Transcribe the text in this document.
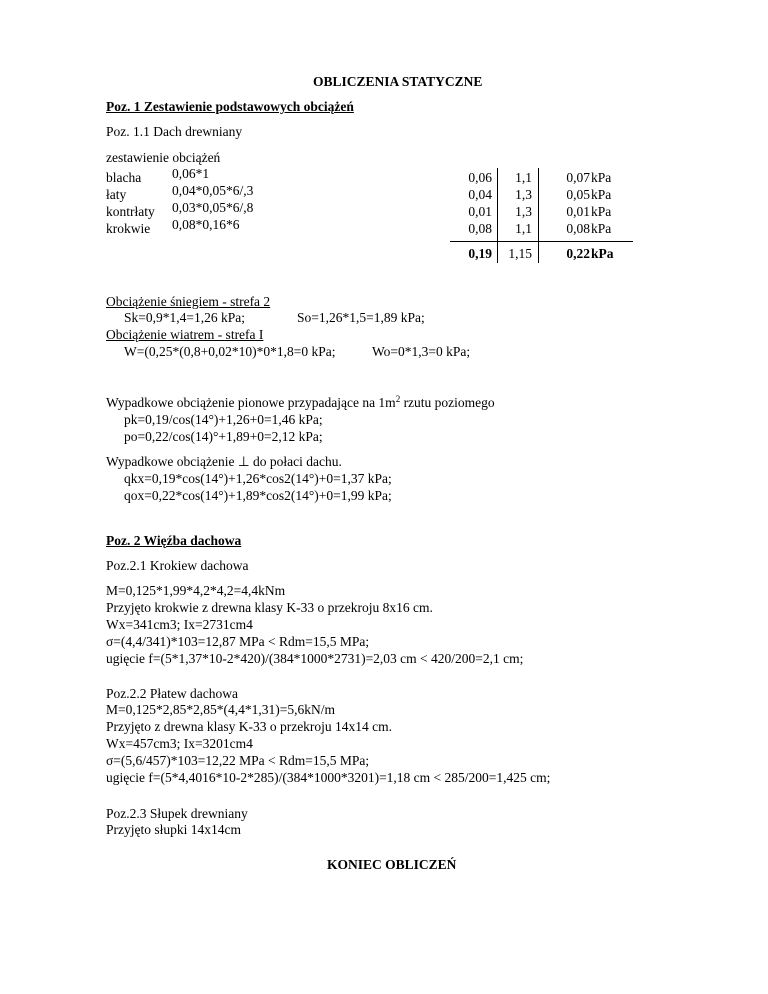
OBLICZENIA STATYCZNE
Poz. 1 Zestawienie podstawowych obciążeń
Poz. 1.1 Dach drewniany
zestawienie obciążeń
blacha
łaty
kontrłaty
krokwie
0,06*1
0,04*0,05*6/,3
0,03*0,05*6/,8
0,08*0,16*6
0,06
0,04
0,01
0,08
0,19
1,1
1,3
1,3
1,1
1,15
0,07
0,05
0,01
0,08
0,22
kPa
kPa
kPa
kPa
kPa
Obciążenie śniegiem - strefa 2
Sk=0,9*1,4=1,26 kPa;	So=1,26*1,5=1,89 kPa;
Obciążenie wiatrem - strefa I
W=(0,25*(0,8+0,02*10)*0*1,8=0 kPa;	Wo=0*1,3=0 kPa;
Wypadkowe obciążenie pionowe przypadające na $1m^2$ rzutu poziomego
pk=0,19/cos(14°)+1,26+0=1,46 kPa;
po=0,22/cos(14)°+1,89+0=2,12 kPa;
Wypadkowe obciążenie ⊥ do połaci dachu.
qkx=0,19*cos(14°)+1,26*cos2(14°)+0=1,37 kPa;
qox=0,22*cos(14°)+1,89*cos2(14°)+0=1,99 kPa;
Poz. 2 Więźba dachowa
Poz.2.1 Krokiew dachowa
M=0,125*1,99*4,2*4,2=4,4kNm
Przyjęto krokwie z drewna klasy K-33 o przekroju 8x16 cm.
Wx=341cm3; Ix=2731cm4
σ=(4,4/341)*103=12,87 MPa < Rdm=15,5 MPa;
ugięcie f=(5*1,37*10-2*420)/(384*1000*2731)=2,03 cm < 420/200=2,1 cm;
Poz.2.2 Płatew dachowa
M=0,125*2,85*2,85*(4,4*1,31)=5,6kN/m
Przyjęto z drewna klasy K-33 o przekroju 14x14 cm.
Wx=457cm3; Ix=3201cm4
σ=(5,6/457)*103=12,22 MPa < Rdm=15,5 MPa;
ugięcie f=(5*4,4016*10-2*285)/(384*1000*3201)=1,18 cm < 285/200=1,425 cm;
Poz.2.3 Słupek drewniany
Przyjęto słupki 14x14cm
KONIEC OBLICZEŃ
